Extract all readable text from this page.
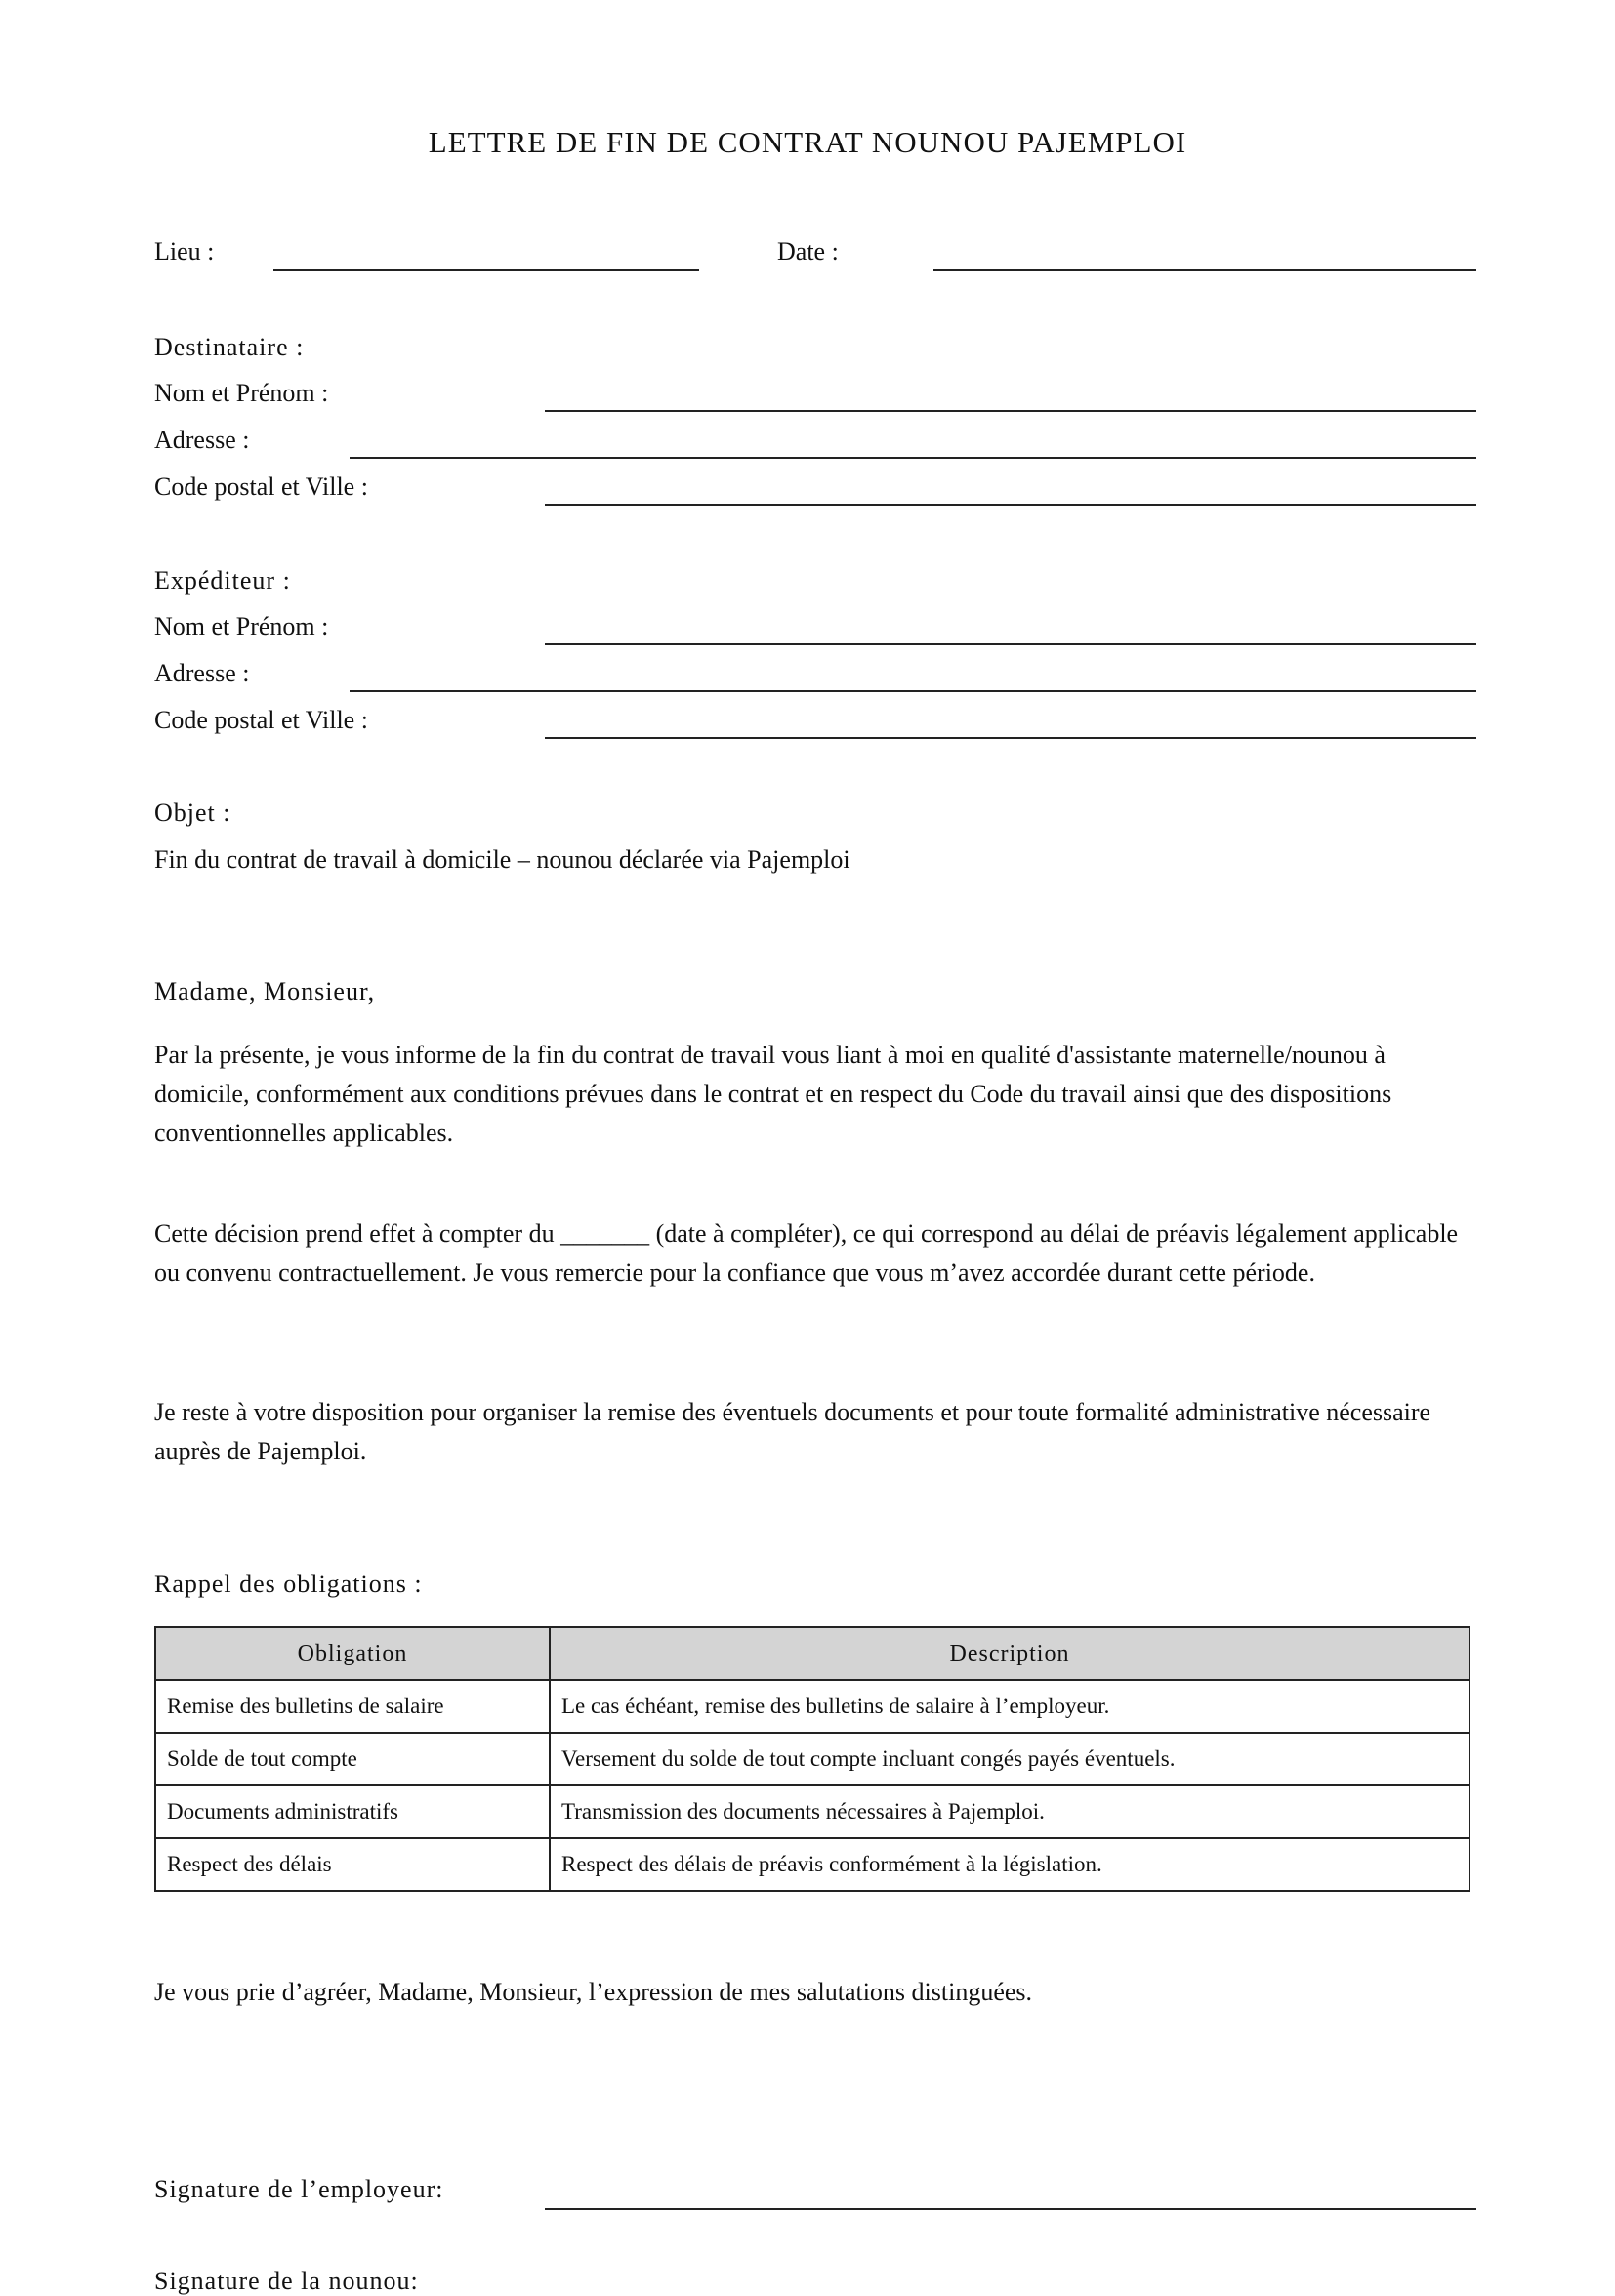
LETTRE DE FIN DE CONTRAT NOUNOU PAJEMPLOI
Lieu :	Date :
Destinataire :
Nom et Prénom :
Adresse :
Code postal et Ville :
Expéditeur :
Nom et Prénom :
Adresse :
Code postal et Ville :
Objet :
Fin du contrat de travail à domicile – nounou déclarée via Pajemploi
Madame, Monsieur,
Par la présente, je vous informe de la fin du contrat de travail vous liant à moi en qualité d'assistante maternelle/nounou à domicile, conformément aux conditions prévues dans le contrat et en respect du Code du travail ainsi que des dispositions conventionnelles applicables.
Cette décision prend effet à compter du _______ (date à compléter), ce qui correspond au délai de préavis légalement applicable ou convenu contractuellement. Je vous remercie pour la confiance que vous m’avez accordée durant cette période.
Je reste à votre disposition pour organiser la remise des éventuels documents et pour toute formalité administrative nécessaire auprès de Pajemploi.
Rappel des obligations :
Obligation	Description
Remise des bulletins de salaire	Le cas échéant, remise des bulletins de salaire à l’employeur.
Solde de tout compte	Versement du solde de tout compte incluant congés payés éventuels.
Documents administratifs	Transmission des documents nécessaires à Pajemploi.
Respect des délais	Respect des délais de préavis conformément à la législation.
Je vous prie d’agréer, Madame, Monsieur, l’expression de mes salutations distinguées.
Signature de l’employeur:
Signature de la nounou:
